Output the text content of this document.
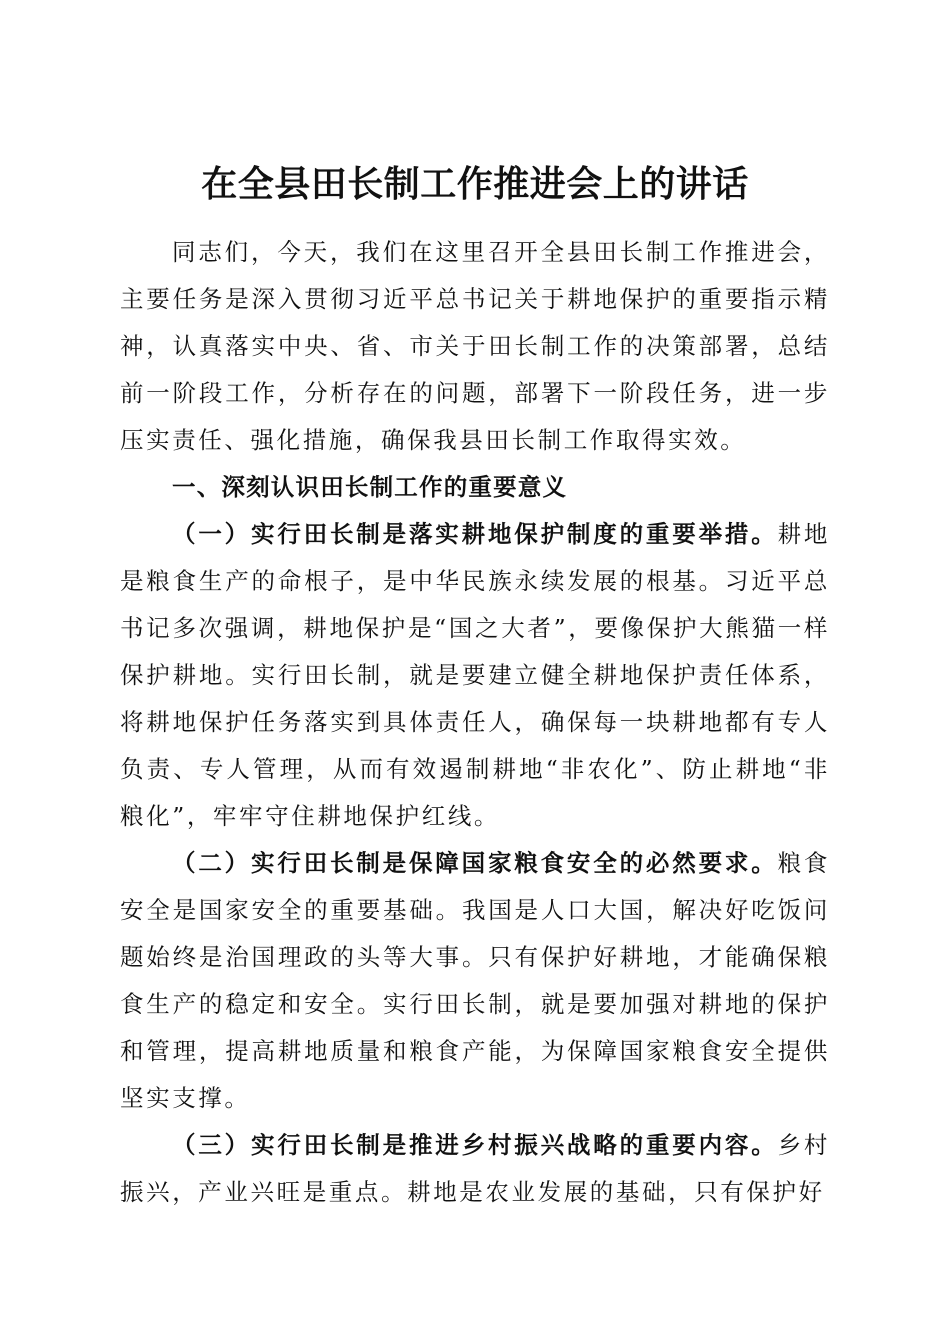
在全县田长制工作推进会上的讲话

同志们，今天，我们在这里召开全县田长制工作推进会，主要任务是深入贯彻习近平总书记关于耕地保护的重要指示精神，认真落实中央、省、市关于田长制工作的决策部署，总结前一阶段工作，分析存在的问题，部署下一阶段任务，进一步压实责任、强化措施，确保我县田长制工作取得实效。

一、深刻认识田长制工作的重要意义

（一）实行田长制是落实耕地保护制度的重要举措。耕地是粮食生产的命根子，是中华民族永续发展的根基。习近平总书记多次强调，耕地保护是“国之大者”，要像保护大熊猫一样保护耕地。实行田长制，就是要建立健全耕地保护责任体系，将耕地保护任务落实到具体责任人，确保每一块耕地都有专人负责、专人管理，从而有效遏制耕地“非农化”、防止耕地“非粮化”，牢牢守住耕地保护红线。

（二）实行田长制是保障国家粮食安全的必然要求。粮食安全是国家安全的重要基础。我国是人口大国，解决好吃饭问题始终是治国理政的头等大事。只有保护好耕地，才能确保粮食生产的稳定和安全。实行田长制，就是要加强对耕地的保护和管理，提高耕地质量和粮食产能，为保障国家粮食安全提供坚实支撑。

（三）实行田长制是推进乡村振兴战略的重要内容。乡村振兴，产业兴旺是重点。耕地是农业发展的基础，只有保护好
